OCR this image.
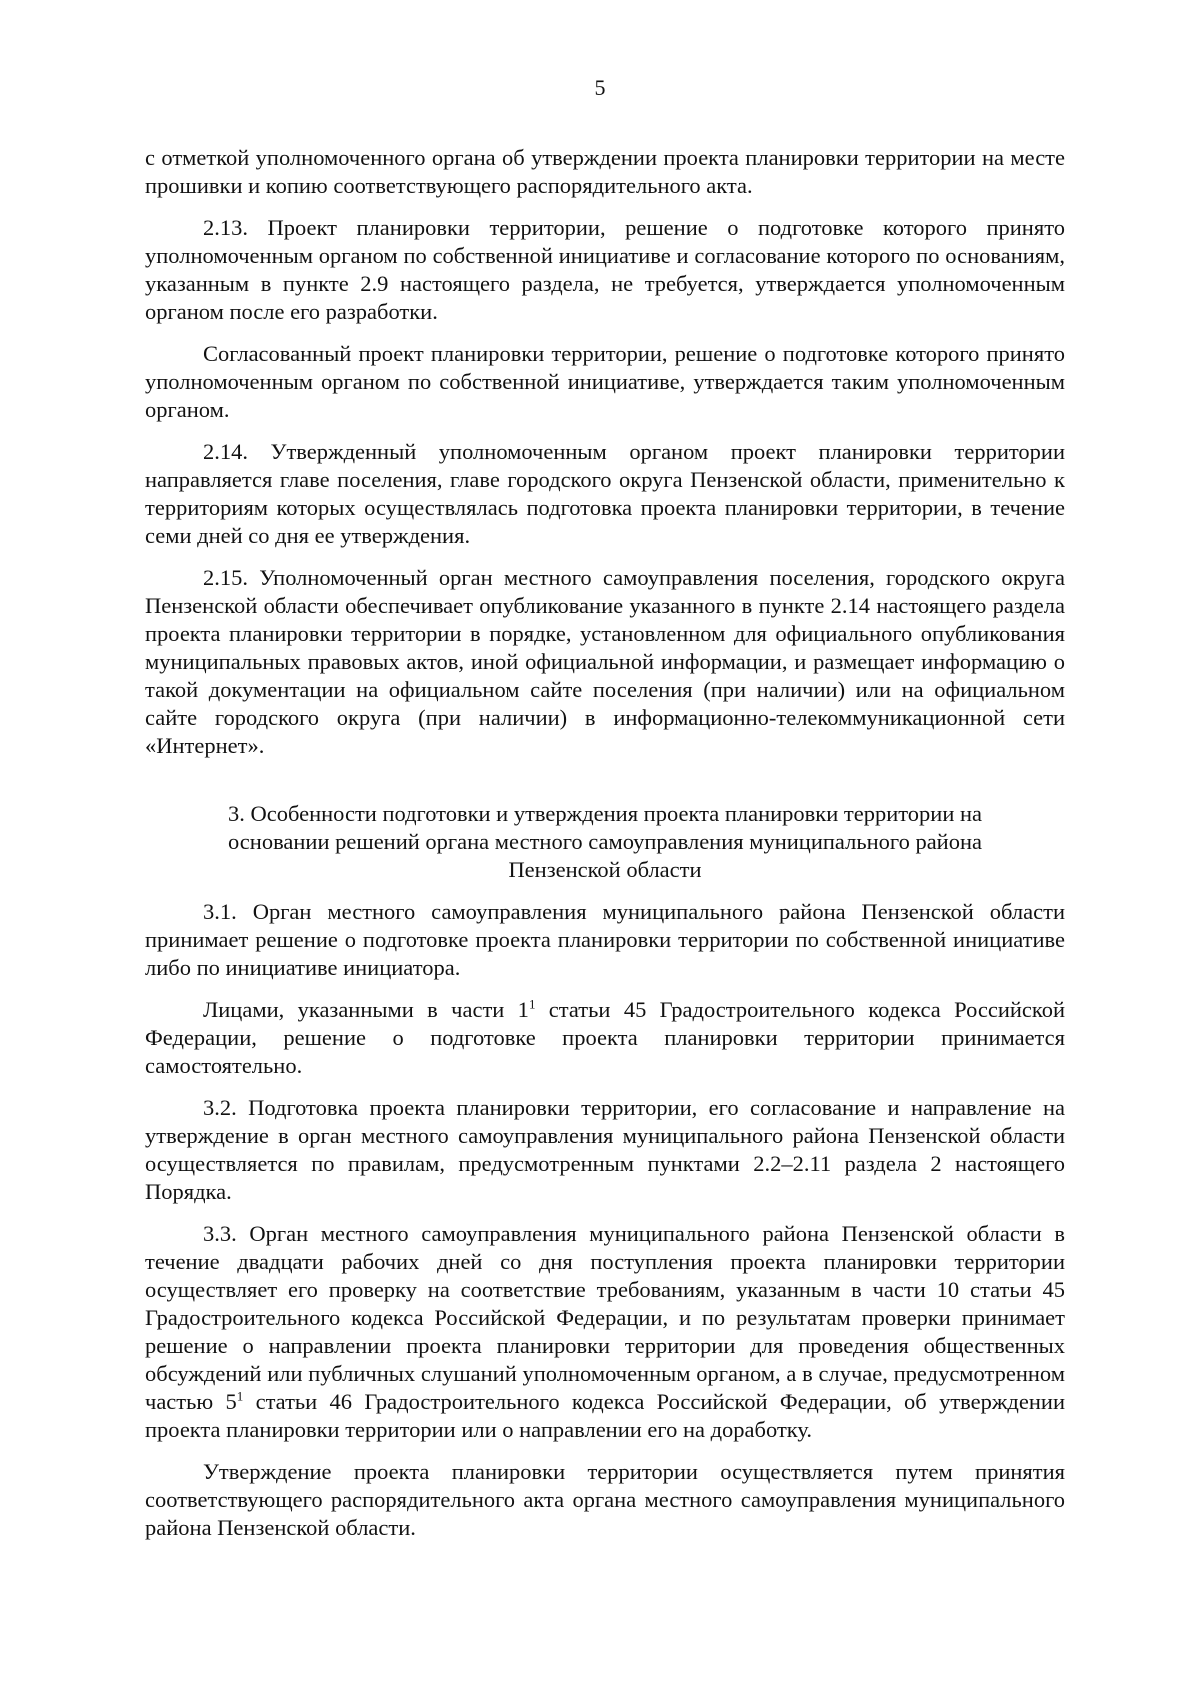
5

с отметкой уполномоченного органа об утверждении проекта планировки территории на месте прошивки и копию соответствующего распорядительного акта.

2.13. Проект планировки территории, решение о подготовке которого принято уполномоченным органом по собственной инициативе и согласование которого по основаниям, указанным в пункте 2.9 настоящего раздела, не требуется, утверждается уполномоченным органом после его разработки.

Согласованный проект планировки территории, решение о подготовке которого принято уполномоченным органом по собственной инициативе, утверждается таким уполномоченным органом.

2.14. Утвержденный уполномоченным органом проект планировки территории направляется главе поселения, главе городского округа Пензенской области, применительно к территориям которых осуществлялась подготовка проекта планировки территории, в течение семи дней со дня ее утверждения.

2.15. Уполномоченный орган местного самоуправления поселения, городского округа Пензенской области обеспечивает опубликование указанного в пункте 2.14 настоящего раздела проекта планировки территории в порядке, установленном для официального опубликования муниципальных правовых актов, иной официальной информации, и размещает информацию о такой документации на официальном сайте поселения (при наличии) или на официальном сайте городского округа (при наличии) в информационно-телекоммуникационной сети «Интернет».

3. Особенности подготовки и утверждения проекта планировки территории на основании решений органа местного самоуправления муниципального района Пензенской области

3.1. Орган местного самоуправления муниципального района Пензенской области принимает решение о подготовке проекта планировки территории по собственной инициативе либо по инициативе инициатора.

Лицами, указанными в части $1^1$ статьи 45 Градостроительного кодекса Российской Федерации, решение о подготовке проекта планировки территории принимается самостоятельно.

3.2. Подготовка проекта планировки территории, его согласование и направление на утверждение в орган местного самоуправления муниципального района Пензенской области осуществляется по правилам, предусмотренным пунктами 2.2–2.11 раздела 2 настоящего Порядка.

3.3. Орган местного самоуправления муниципального района Пензенской области в течение двадцати рабочих дней со дня поступления проекта планировки территории осуществляет его проверку на соответствие требованиям, указанным в части 10 статьи 45 Градостроительного кодекса Российской Федерации, и по результатам проверки принимает решение о направлении проекта планировки территории для проведения общественных обсуждений или публичных слушаний уполномоченным органом, а в случае, предусмотренном частью $5^1$ статьи 46 Градостроительного кодекса Российской Федерации, об утверждении проекта планировки территории или о направлении его на доработку.

Утверждение проекта планировки территории осуществляется путем принятия соответствующего распорядительного акта органа местного самоуправления муниципального района Пензенской области.
